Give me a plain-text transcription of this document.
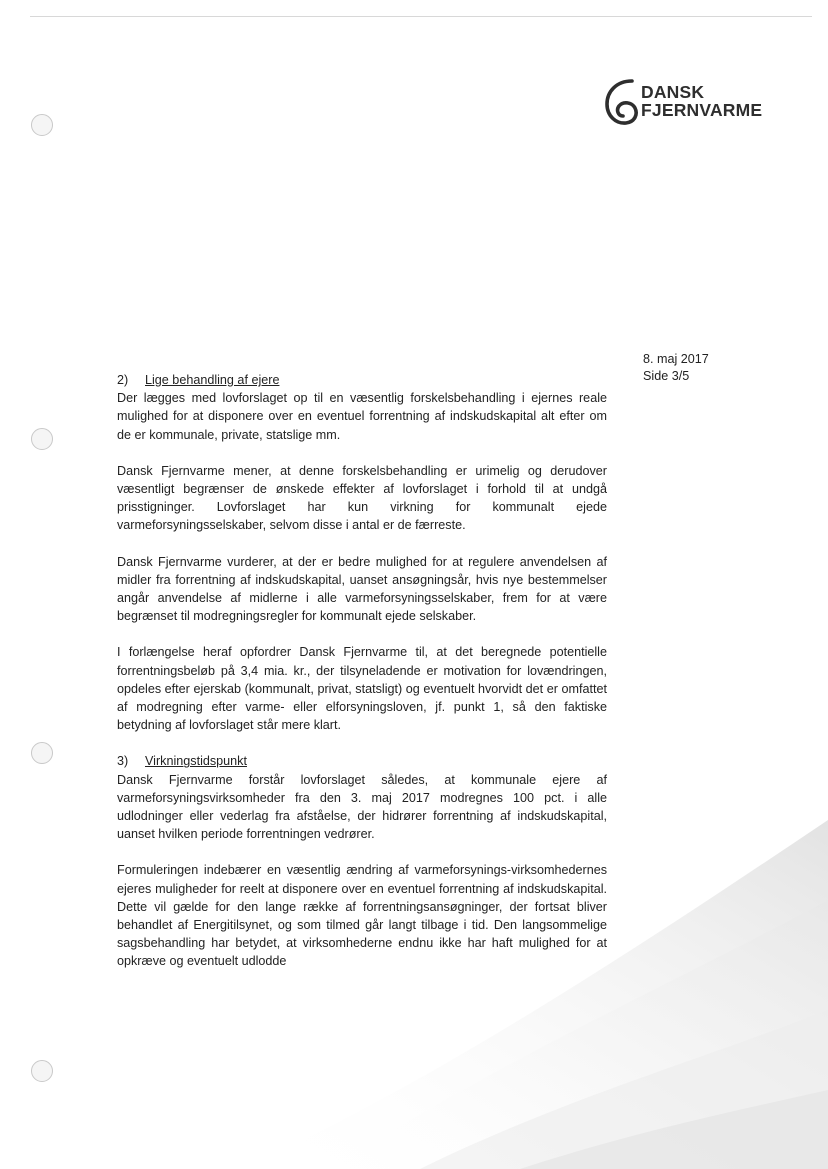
DANSK
FJERNVARME
8. maj 2017
Side 3/5
2) Lige behandling af ejere

Der lægges med lovforslaget op til en væsentlig forskelsbehandling i ejernes reale mulighed for at disponere over en eventuel forrentning af indskudskapital alt efter om de er kommunale, private, statslige mm.

Dansk Fjernvarme mener, at denne forskelsbehandling er urimelig og derudover væsentligt begrænser de ønskede effekter af lovforslaget i forhold til at undgå prisstigninger. Lovforslaget har kun virkning for kommunalt ejede varmeforsyningsselskaber, selvom disse i antal er de færreste.

Dansk Fjernvarme vurderer, at der er bedre mulighed for at regulere anvendelsen af midler fra forrentning af indskudskapital, uanset ansøgningsår, hvis nye bestemmelser angår anvendelse af midlerne i alle varmeforsyningsselskaber, frem for at være begrænset til modregningsregler for kommunalt ejede selskaber.

I forlængelse heraf opfordrer Dansk Fjernvarme til, at det beregnede potentielle forrentningsbeløb på 3,4 mia. kr., der tilsyneladende er motivation for lovændringen, opdeles efter ejerskab (kommunalt, privat, statsligt) og eventuelt hvorvidt det er omfattet af modregning efter varme- eller elforsyningsloven, jf. punkt 1, så den faktiske betydning af lovforslaget står mere klart.

3) Virkningstidspunkt

Dansk Fjernvarme forstår lovforslaget således, at kommunale ejere af varmeforsyningsvirksomheder fra den 3. maj 2017 modregnes 100 pct. i alle udlodninger eller vederlag fra afståelse, der hidrører forrentning af indskudskapital, uanset hvilken periode forrentningen vedrører.

Formuleringen indebærer en væsentlig ændring af varmeforsynings-virksomhedernes ejeres muligheder for reelt at disponere over en eventuel forrentning af indskudskapital. Dette vil gælde for den lange række af forrentningsansøgninger, der fortsat bliver behandlet af Energitilsynet, og som tilmed går langt tilbage i tid. Den langsommelige sagsbehandling har betydet, at virksomhederne endnu ikke har haft mulighed for at opkræve og eventuelt udlodde
